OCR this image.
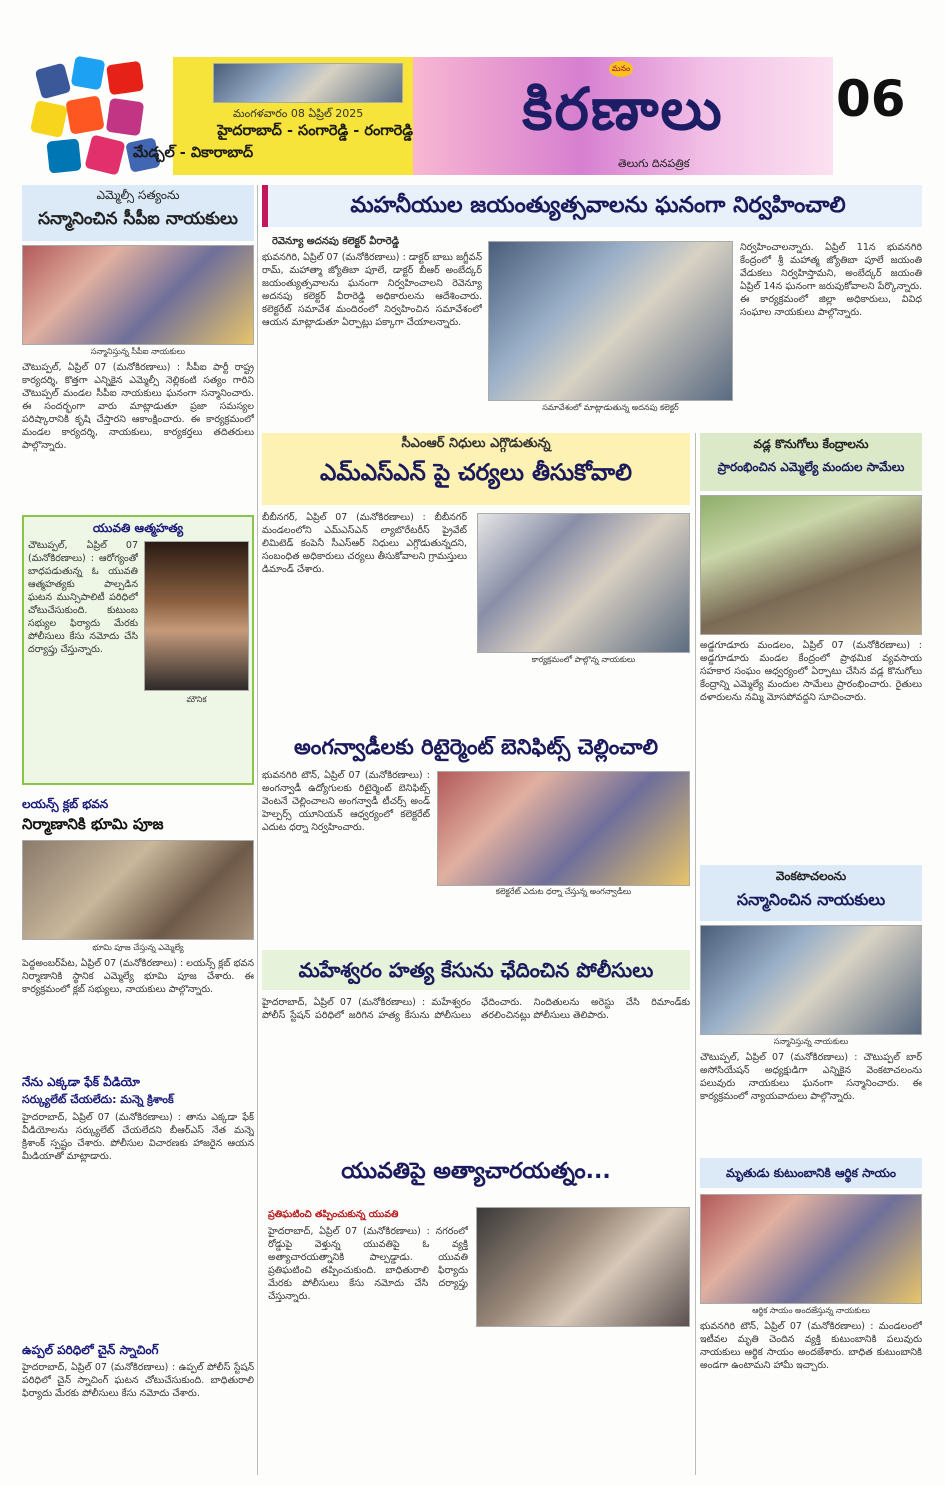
మంగళవారం 08 ఏప్రిల్ 2025
హైదరాబాద్ - సంగారెడ్డి - రంగారెడ్డి
మేడ్చల్ - వికారాబాద్
మనం
కిరణాలు
తెలుగు దినపత్రిక
06
ఎమ్మెల్సీ సత్యంను
సన్మానించిన సీపీఐ నాయకులు
సన్మానిస్తున్న సీపీఐ నాయకులు
చౌటుప్పల్, ఏప్రిల్ 07 (మనోకిరణాలు) : సీపీఐ పార్టీ రాష్ట్ర కార్యదర్శి, కొత్తగా ఎన్నికైన ఎమ్మెల్సీ నెల్లికంటి సత్యం గారిని చౌటుప్పల్ మండల సీపీఐ నాయకులు ఘనంగా సన్మానించారు. ఈ సందర్భంగా వారు మాట్లాడుతూ ప్రజా సమస్యల పరిష్కారానికి కృషి చేస్తారని ఆకాంక్షించారు. ఈ కార్యక్రమంలో మండల కార్యదర్శి, నాయకులు, కార్యకర్తలు తదితరులు పాల్గొన్నారు.
యువతి ఆత్మహత్య
చౌటుప్పల్, ఏప్రిల్ 07 (మనోకిరణాలు) : ఆరోగ్యంతో బాధపడుతున్న ఓ యువతి ఆత్మహత్యకు పాల్పడిన ఘటన మున్సిపాలిటీ పరిధిలో చోటుచేసుకుంది. కుటుంబ సభ్యుల ఫిర్యాదు మేరకు పోలీసులు కేసు నమోదు చేసి దర్యాప్తు చేస్తున్నారు.
మౌనిక
లయన్స్ క్లబ్ భవన
నిర్మాణానికి భూమి పూజ
భూమి పూజ చేస్తున్న ఎమ్మెల్యే
పెద్దఅంబర్‌పేట, ఏప్రిల్ 07 (మనోకిరణాలు) : లయన్స్ క్లబ్ భవన నిర్మాణానికి స్థానిక ఎమ్మెల్యే భూమి పూజ చేశారు. ఈ కార్యక్రమంలో క్లబ్ సభ్యులు, నాయకులు పాల్గొన్నారు.
నేను ఎక్కడా ఫేక్ వీడియో
సర్క్యులేట్ చేయలేదు: మన్నె క్రిశాంక్
హైదరాబాద్, ఏప్రిల్ 07 (మనోకిరణాలు) : తాను ఎక్కడా ఫేక్ వీడియోలను సర్క్యులేట్ చేయలేదని బీఆర్ఎస్ నేత మన్నె క్రిశాంక్ స్పష్టం చేశారు. పోలీసుల విచారణకు హాజరైన ఆయన మీడియాతో మాట్లాడారు.
ఉప్పల్ పరిధిలో చైన్ స్నాచింగ్
హైదరాబాద్, ఏప్రిల్ 07 (మనోకిరణాలు) : ఉప్పల్ పోలీస్ స్టేషన్ పరిధిలో చైన్ స్నాచింగ్ ఘటన చోటుచేసుకుంది. బాధితురాలి ఫిర్యాదు మేరకు పోలీసులు కేసు నమోదు చేశారు.
మహనీయుల జయంత్యుత్సవాలను ఘనంగా నిర్వహించాలి
రెవెన్యూ అదనపు కలెక్టర్ వీరారెడ్డి
భువనగిరి, ఏప్రిల్ 07 (మనోకిరణాలు) : డాక్టర్ బాబు జగ్జీవన్ రామ్, మహాత్మా జ్యోతిబా పూలే, డాక్టర్ బీఆర్ అంబేద్కర్ జయంత్యుత్సవాలను ఘనంగా నిర్వహించాలని రెవెన్యూ అదనపు కలెక్టర్ వీరారెడ్డి అధికారులను ఆదేశించారు. కలెక్టరేట్ సమావేశ మందిరంలో నిర్వహించిన సమావేశంలో ఆయన మాట్లాడుతూ ఏర్పాట్లు పక్కాగా చేయాలన్నారు.
సమావేశంలో మాట్లాడుతున్న అదనపు కలెక్టర్
నిర్వహించాలన్నారు. ఏప్రిల్ 11న భువనగిరి కేంద్రంలో శ్రీ మహాత్మ జ్యోతిబా పూలే జయంతి వేడుకలు నిర్వహిస్తామని, అంబేద్కర్ జయంతి ఏప్రిల్ 14న ఘనంగా జరుపుకోవాలని పేర్కొన్నారు. ఈ కార్యక్రమంలో జిల్లా అధికారులు, వివిధ సంఘాల నాయకులు పాల్గొన్నారు.
సీఎంఆర్ నిధులు ఎగ్గొడుతున్న
ఎమ్ఎస్ఎన్ పై చర్యలు తీసుకోవాలి
బీబీనగర్, ఏప్రిల్ 07 (మనోకిరణాలు) : బీబీనగర్ మండలంలోని ఎమ్ఎస్ఎన్ ల్యాబొరేటరీస్ ప్రైవేట్ లిమిటెడ్ కంపెనీ సీఎస్ఆర్ నిధులు ఎగ్గొడుతున్నదని, సంబంధిత అధికారులు చర్యలు తీసుకోవాలని గ్రామస్తులు డిమాండ్ చేశారు.
కార్యక్రమంలో పాల్గొన్న నాయకులు
వడ్ల కొనుగోలు కేంద్రాలను
ప్రారంభించిన ఎమ్మెల్యే మందుల సామేలు
అడ్డగూడూరు మండలం, ఏప్రిల్ 07 (మనోకిరణాలు) : అడ్డగూడూరు మండల కేంద్రంలో ప్రాథమిక వ్యవసాయ సహకార సంఘం ఆధ్వర్యంలో ఏర్పాటు చేసిన వడ్ల కొనుగోలు కేంద్రాన్ని ఎమ్మెల్యే మందుల సామేలు ప్రారంభించారు. రైతులు దళారులను నమ్మి మోసపోవద్దని సూచించారు.
అంగన్వాడీలకు రిటైర్మెంట్ బెనిఫిట్స్ చెల్లించాలి
భువనగిరి టౌన్, ఏప్రిల్ 07 (మనోకిరణాలు) : అంగన్వాడీ ఉద్యోగులకు రిటైర్మెంట్ బెనిఫిట్స్ వెంటనే చెల్లించాలని అంగన్వాడీ టీచర్స్ అండ్ హెల్పర్స్ యూనియన్ ఆధ్వర్యంలో కలెక్టరేట్ ఎదుట ధర్నా నిర్వహించారు.
కలెక్టరేట్ ఎదుట ధర్నా చేస్తున్న అంగన్వాడీలు
వెంకటాచలంను
సన్మానించిన నాయకులు
సన్మానిస్తున్న నాయకులు
చౌటుప్పల్, ఏప్రిల్ 07 (మనోకిరణాలు) : చౌటుప్పల్ బార్ అసోసియేషన్ అధ్యక్షుడిగా ఎన్నికైన వెంకటాచలంను పలువురు నాయకులు ఘనంగా సన్మానించారు. ఈ కార్యక్రమంలో న్యాయవాదులు పాల్గొన్నారు.
మహేశ్వరం హత్య కేసును ఛేదించిన పోలీసులు
హైదరాబాద్, ఏప్రిల్ 07 (మనోకిరణాలు) : మహేశ్వరం పోలీస్ స్టేషన్ పరిధిలో జరిగిన హత్య కేసును పోలీసులు ఛేదించారు. నిందితులను అరెస్టు చేసి రిమాండ్‌కు తరలించినట్లు పోలీసులు తెలిపారు.
యువతిపై అత్యాచారయత్నం...
ప్రతిఘటించి తప్పించుకున్న యువతి
హైదరాబాద్, ఏప్రిల్ 07 (మనోకిరణాలు) : నగరంలో రోడ్డుపై వెళ్తున్న యువతిపై ఓ వ్యక్తి అత్యాచారయత్నానికి పాల్పడ్డాడు. యువతి ప్రతిఘటించి తప్పించుకుంది. బాధితురాలి ఫిర్యాదు మేరకు పోలీసులు కేసు నమోదు చేసి దర్యాప్తు చేస్తున్నారు.
మృతుడు కుటుంబానికి ఆర్థిక సాయం
ఆర్థిక సాయం అందజేస్తున్న నాయకులు
భువనగిరి టౌన్, ఏప్రిల్ 07 (మనోకిరణాలు) : మండలంలో ఇటీవల మృతి చెందిన వ్యక్తి కుటుంబానికి పలువురు నాయకులు ఆర్థిక సాయం అందజేశారు. బాధిత కుటుంబానికి అండగా ఉంటామని హామీ ఇచ్చారు.
